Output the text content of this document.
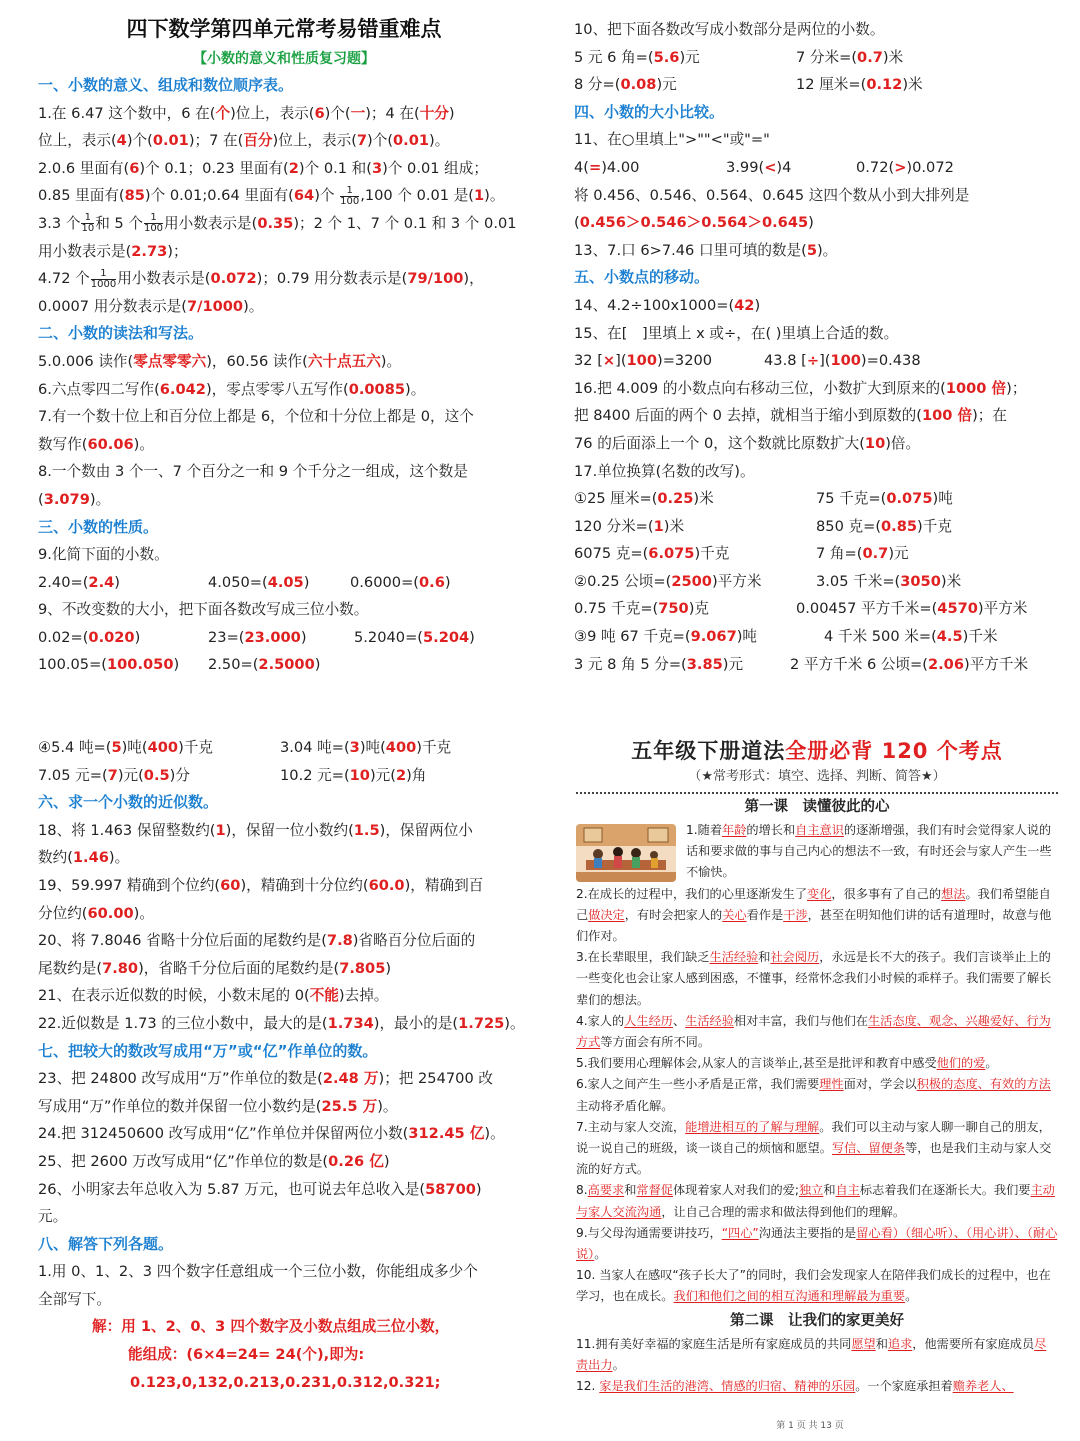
四下数学第四单元常考易错重难点
【小数的意义和性质复习题】
一、小数的意义、组成和数位顺序表。
1.在 6.47 这个数中，6 在(个)位上，表示(6)个(一)；4 在(十分)
位上，表示(4)个(0.01)；7 在(百分)位上，表示(7)个(0.01)。
2.0.6 里面有(6)个 0.1；0.23 里面有(2)个 0.1 和(3)个 0.01 组成；
0.85 里面有(85)个 0.01;0.64 里面有(64)个 $\frac{1}{100} ,100$ 个 0.01 是(1)。
3.3 个 $\frac{1}{10}$ 和 5 个 $\frac{1}{100}$ 用小数表示是(0.35)；2 个 1、7 个 0.1 和 3 个 0.01
用小数表示是(2.73)；
4.72 个 $\frac{1}{1000}$ 用小数表示是(0.072)；0.79 用分数表示是(79/100)，
0.0007 用分数表示是(7/1000)。
二、小数的读法和写法。
5.0.006 读作(零点零零六)，60.56 读作(六十点五六)。
6.六点零四二写作(6.042)，零点零零八五写作(0.0085)。
7.有一个数十位上和百分位上都是 6，个位和十分位上都是 0，这个
数写作(60.06)。
8.一个数由 3 个一、7 个百分之一和 9 个千分之一组成，这个数是
(3.079)。
三、小数的性质。
9.化简下面的小数。
2.40=(2.4)	4.050=(4.05)	0.6000=(0.6)
9、不改变数的大小，把下面各数改写成三位小数。
0.02=(0.020)	23=(23.000)	5.2040=(5.204)
100.05=(100.050)	2.50=(2.5000)
10、把下面各数改写成小数部分是两位的小数。
5 元 6 角=(5.6)元	7 分米=(0.7)米
8 分=(0.08)元	12 厘米=(0.12)米
四、小数的大小比较。
11、在○里填上">""<"或"="
4(=)4.00	3.99(<)4	0.72(>)0.072
将 0.456、0.546、0.564、0.645 这四个数从小到大排列是
(0.456＞0.546＞0.564＞0.645)
13、7.口 6>7.46 口里可填的数是(5)。
五、小数点的移动。
14、4.2÷100x1000=(42)
15、在[　]里填上 x 或÷，在( )里填上合适的数。
32 [×](100)=3200	43.8 [÷](100)=0.438
16.把 4.009 的小数点向右移动三位，小数扩大到原来的(1000 倍)；
把 8400 后面的两个 0 去掉，就相当于缩小到原数的(100 倍)；在
76 的后面添上一个 0，这个数就比原数扩大(10)倍。
17.单位换算(名数的改写)。
①25 厘米=(0.25)米	75 千克=(0.075)吨
120 分米=(1)米	850 克=(0.85)千克
6075 克=(6.075)千克	7 角=(0.7)元
②0.25 公顷=(2500)平方米	3.05 千米=(3050)米
0.75 千克=(750)克	0.00457 平方千米=(4570)平方米
③9 吨 67 千克=(9.067)吨	4 千米 500 米=(4.5)千米
3 元 8 角 5 分=(3.85)元	2 平方千米 6 公顷=(2.06)平方千米
④5.4 吨=(5)吨(400)千克	3.04 吨=(3)吨(400)千克
7.05 元=(7)元(0.5)分	10.2 元=(10)元(2)角
六、求一个小数的近似数。
18、将 1.463 保留整数约(1)，保留一位小数约(1.5)，保留两位小
数约(1.46)。
19、59.997 精确到个位约(60)，精确到十分位约(60.0)，精确到百
分位约(60.00)。
20、将 7.8046 省略十分位后面的尾数约是(7.8)省略百分位后面的
尾数约是(7.80)，省略千分位后面的尾数约是(7.805)
21、在表示近似数的时候，小数末尾的 0(不能)去掉。
22.近似数是 1.73 的三位小数中，最大的是(1.734)，最小的是(1.725)。
七、把较大的数改写成用“万”或“亿”作单位的数。
23、把 24800 改写成用“万”作单位的数是(2.48 万)；把 254700 改
写成用“万”作单位的数并保留一位小数约是(25.5 万)。
24.把 312450600 改写成用“亿”作单位并保留两位小数(312.45 亿)。
25、把 2600 万改写成用“亿”作单位的数是(0.26 亿)
26、小明家去年总收入为 5.87 万元，也可说去年总收入是(58700)
元。
八、解答下列各题。
1.用 0、1、2、3 四个数字任意组成一个三位小数，你能组成多少个
全部写下。
解：用 1、2、0、3 四个数字及小数点组成三位小数，
能组成：(6×4=24= 24(个),即为:
0.123,0,132,0.213,0.231,0.312,0.321;
五年级下册道法全册必背 120 个考点
（★常考形式：填空、选择、判断、简答★）
第一课　读懂彼此的心
1.随着年龄的增长和自主意识的逐渐增强，我们有时会觉得家人说的话和要求做的事与自己内心的想法不一致，有时还会与家人产生一些不愉快。
2.在成长的过程中，我们的心里逐渐发生了变化，很多事有了自己的想法。我们希望能自己做决定，有时会把家人的关心看作是干涉，甚至在明知他们讲的话有道理时，故意与他们作对。
3.在长辈眼里，我们缺乏生活经验和社会阅历，永远是长不大的孩子。我们言谈举止上的一些变化也会让家人感到困惑，不懂事，经常怀念我们小时候的乖样子。我们需要了解长辈们的想法。
4.家人的人生经历、生活经验相对丰富，我们与他们在生活态度、观念、兴趣爱好、行为方式等方面会有所不同。
5.我们要用心理解体会,从家人的言谈举止,甚至是批评和教育中感受他们的爱。
6.家人之间产生一些小矛盾是正常，我们需要理性面对，学会以积极的态度、有效的方法主动将矛盾化解。
7.主动与家人交流，能增进相互的了解与理解。我们可以主动与家人聊一聊自己的朋友，说一说自己的班级，谈一谈自己的烦恼和愿望。写信、留便条等，也是我们主动与家人交流的好方式。
8.高要求和常督促体现着家人对我们的爱;独立和自主标志着我们在逐渐长大。我们要主动与家人交流沟通，让自己合理的需求和做法得到他们的理解。
9.与父母沟通需要讲技巧，“四心”沟通法主要指的是留心看）（细心听）、（用心讲）、（耐心说）。
10. 当家人在感叹“孩子长大了”的同时，我们会发现家人在陪伴我们成长的过程中，也在学习，也在成长。我们和他们之间的相互沟通和理解最为重要。
第二课　让我们的家更美好
11.拥有美好幸福的家庭生活是所有家庭成员的共同愿望和追求，他需要所有家庭成员尽责出力。
12. 家是我们生活的港湾、情感的归宿、精神的乐园。一个家庭承担着赡养老人、
第 1 页 共 13 页
